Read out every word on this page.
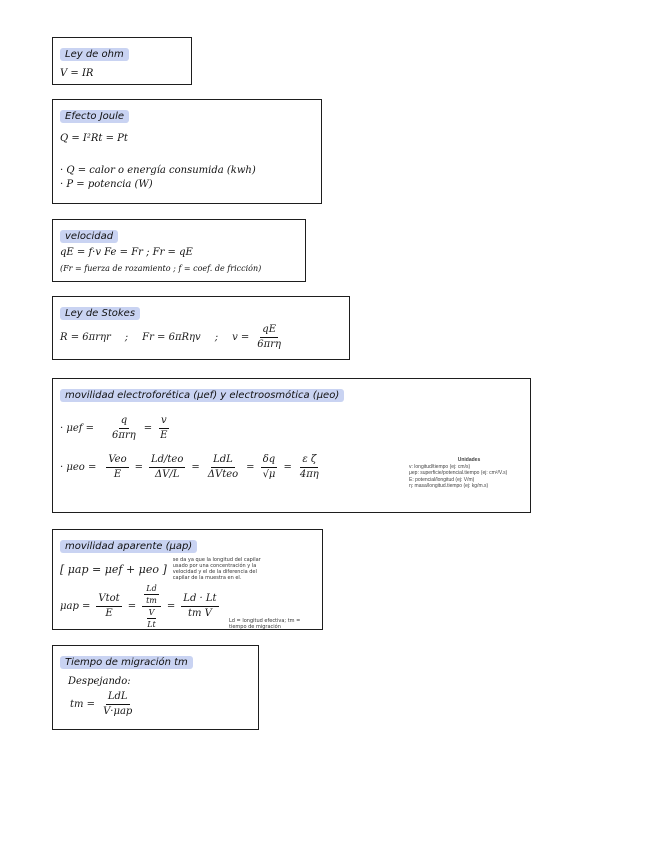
Ley de ohm
V = IR
Efecto Joule
Q = I²Rt = Pt
· Q = calor o energía consumida (kwh)
· P = potencia (W)
velocidad
qE = f·v Fe = Fr ; Fr = qE
(Fr = fuerza de rozamiento ; f = coef. de fricción)
Ley de Stokes
R = 6πrηr ; Fr = 6πRηv ; $v = \frac{qE}{\text{6πrη}}$
movilidad electroforética (μef) y electroosmótica (μeo)
· $\mu ef = \frac{q}{\text{6πrη}} = \frac{v}{E}$
· $\mu eo = \frac{\text{Veo}}{E} = \frac{\text{Ld/teo}}{\Delta V/L} = \frac{\text{LdL}}{\text{ΔVteo}} = \frac{\delta q}{√\mu} = \frac{\text{ε ζ}}{4\pi\eta}$	Unidades
v: longitud/tiempo (ej: cm/s)
μep: superficie/potencial.tiempo (ej: cm²/V.s)
E: potencial/longitud (ej: V/m)
η: masa/longitud.tiempo (ej: kg/m.s)
movilidad aparente (μap)
[ μap = μef + μeo ]
se da ya que la longitud del capilar usado por una concentración y la velocidad y el de la diferencia del capilar de la muestra en el.
$\mu ap = \frac{\text{Vtot}}{E} = \frac{\frac{Ld}{tm}}{\frac{V}{Lt}} = \frac{Ld \cdot Lt}{\text{tm V}}$
Ld = longitud efectiva; tm = tiempo de migración
Tiempo de migración tm
Despejando:
tm = $\frac{\text{LdL}}{\text{V·μap}}$
